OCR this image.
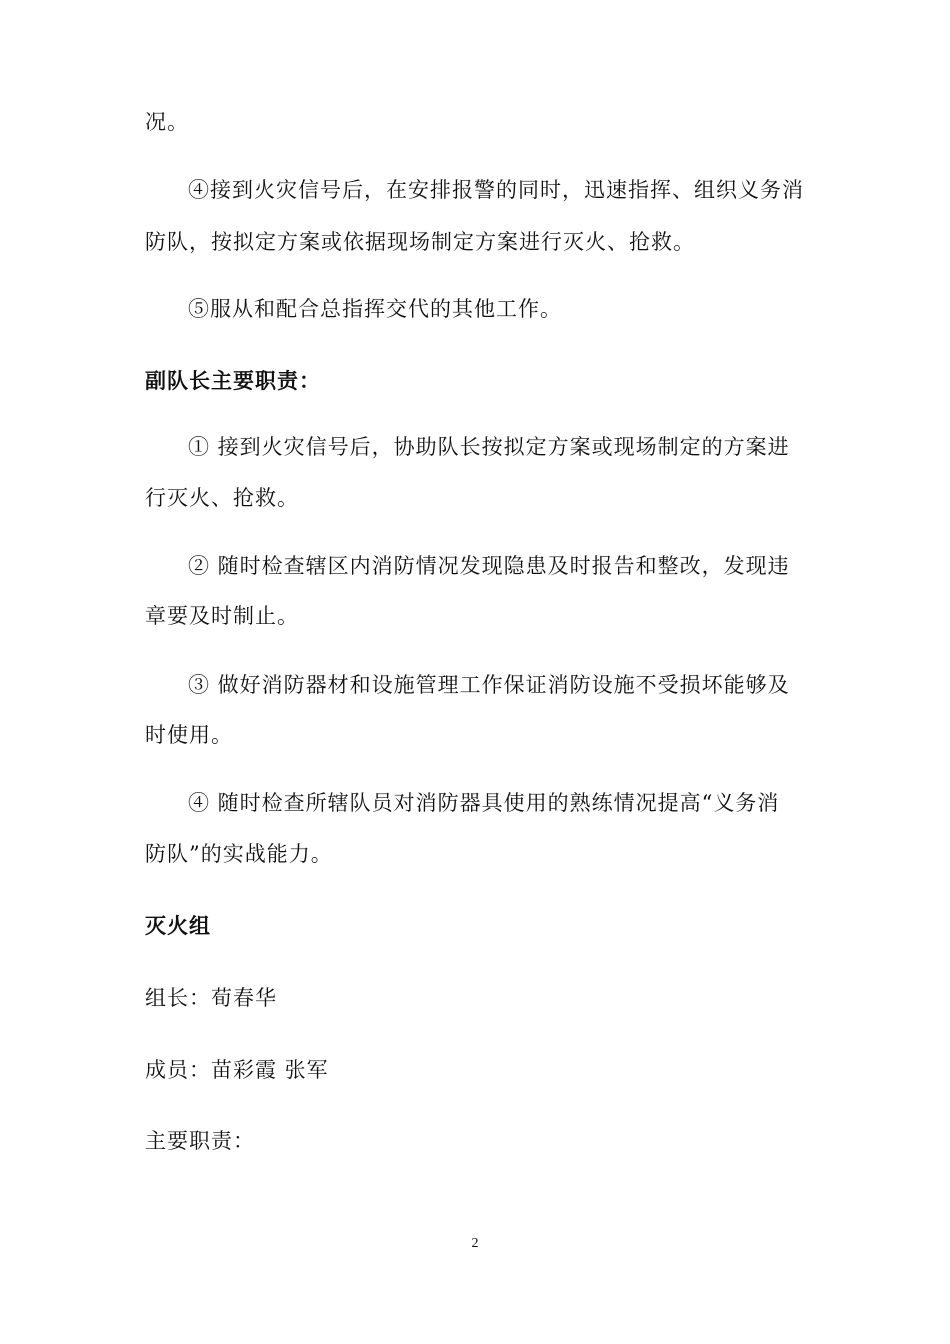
况。

④接到火灾信号后，在安排报警的同时，迅速指挥、组织义务消

防队，按拟定方案或依据现场制定方案进行灭火、抢救。

⑤服从和配合总指挥交代的其他工作。

副队长主要职责：

① 接到火灾信号后，协助队长按拟定方案或现场制定的方案进

行灭火、抢救。

② 随时检查辖区内消防情况发现隐患及时报告和整改，发现违

章要及时制止。

③ 做好消防器材和设施管理工作保证消防设施不受损坏能够及

时使用。

④ 随时检查所辖队员对消防器具使用的熟练情况提高“义务消

防队”的实战能力。

灭火组

组长：荀春华

成员：苗彩霞 张军

主要职责：

2
